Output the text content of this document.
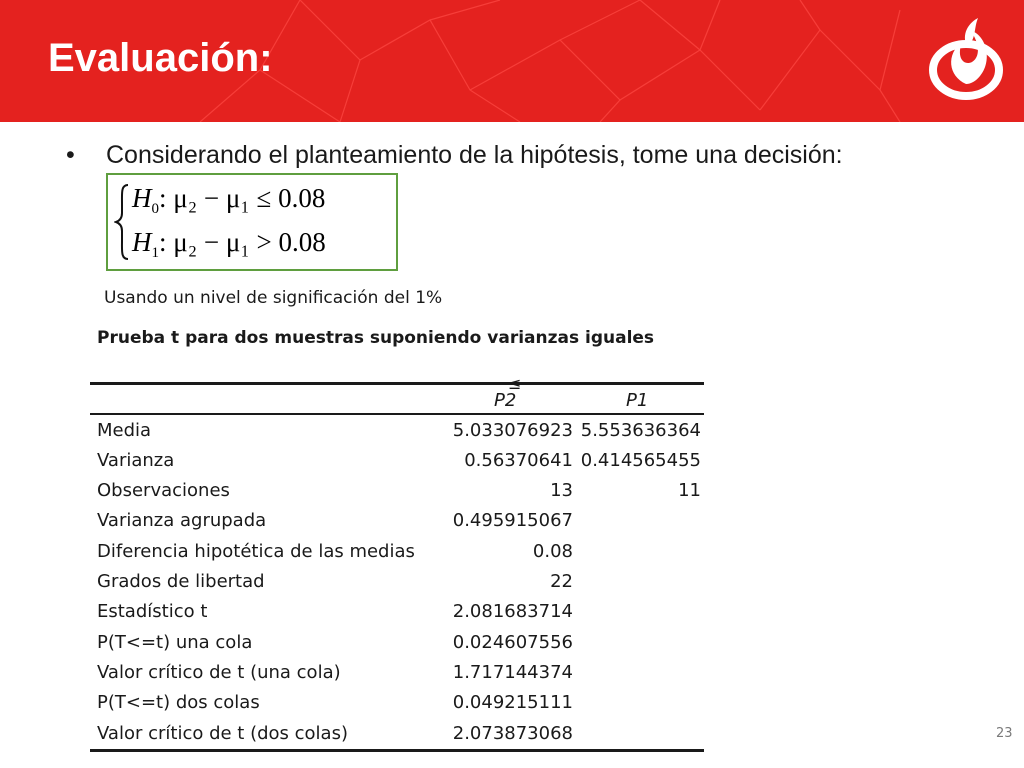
Evaluación:
• Considerando el planteamiento de la hipótesis, tome una decisión:
$H_0$: μ₂ − μ₁ ≤ 0.08
$H_1$: μ₂ − μ₁ > 0.08
Usando un nivel de significación del 1%
Prueba t para dos muestras suponiendo varianzas iguales
≤
P2	P1
Media	5.033076923 5.553636364
Varianza	0.56370641 0.414565455
Observaciones	13	11
Varianza agrupada	0.495915067
Diferencia hipotética de las medias	0.08
Grados de libertad	22
Estadístico t	2.081683714
P(T<=t) una cola	0.024607556
Valor crítico de t (una cola)	1.717144374
P(T<=t) dos colas	0.049215111
Valor crítico de t (dos colas)	2.073873068	23
